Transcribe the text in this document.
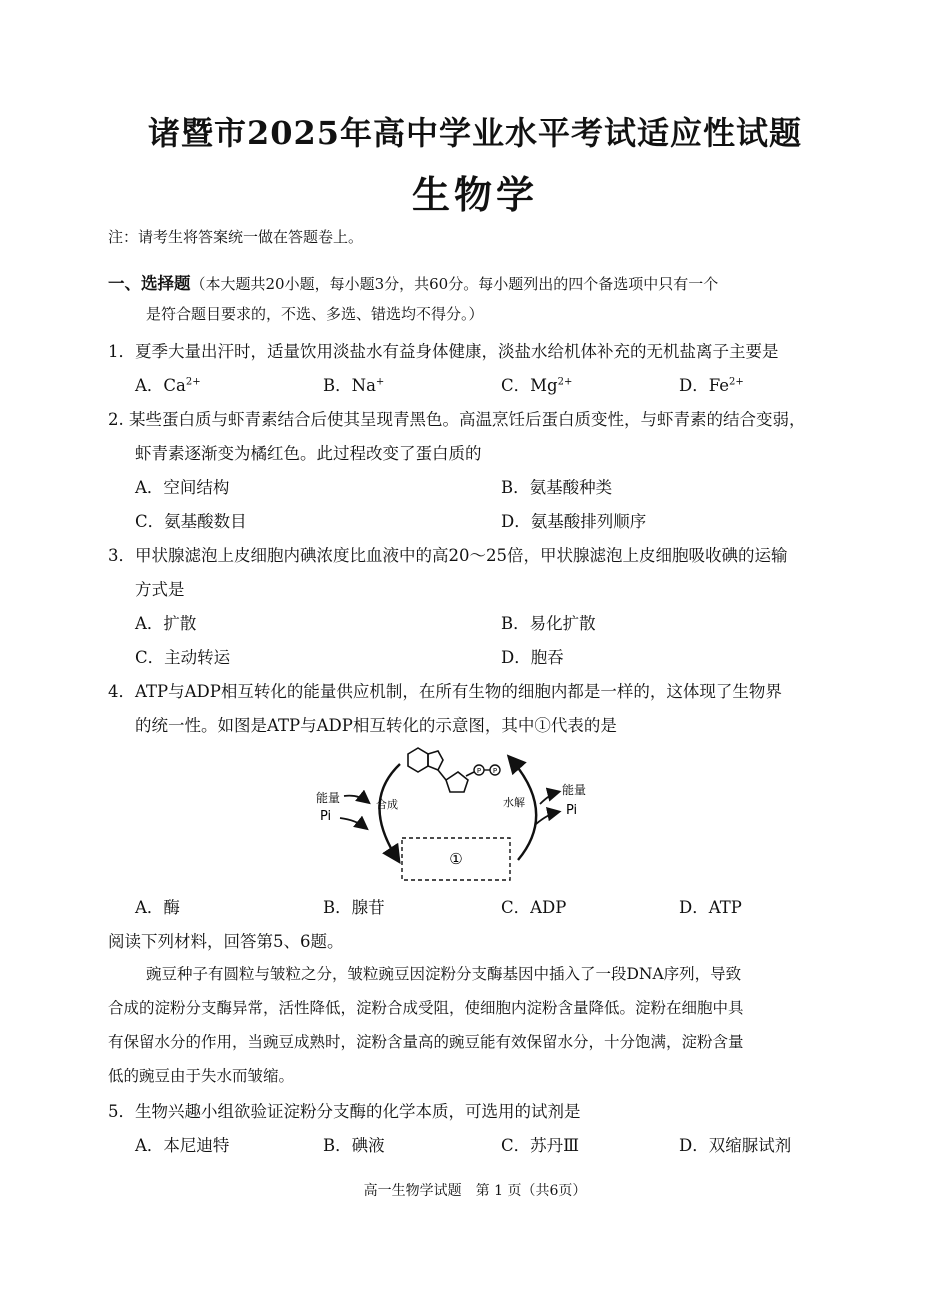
诸暨市2025年高中学业水平考试适应性试题
生物学
注：请考生将答案统一做在答题卷上。
一、选择题（本大题共20小题，每小题3分，共60分。每小题列出的四个备选项中只有一个
是符合题目要求的，不选、多选、错选均不得分。）
1．夏季大量出汗时，适量饮用淡盐水有益身体健康，淡盐水给机体补充的无机盐离子主要是
A．$Ca^{2+}$	B．Na+	C．$Mg^{2+}$	D．$Fe^{2+}$
2. 某些蛋白质与虾青素结合后使其呈现青黑色。高温烹饪后蛋白质变性，与虾青素的结合变弱，
虾青素逐渐变为橘红色。此过程改变了蛋白质的
A．空间结构	B．氨基酸种类
C．氨基酸数目	D．氨基酸排列顺序
3．甲状腺滤泡上皮细胞内碘浓度比血液中的高20～25倍，甲状腺滤泡上皮细胞吸收碘的运输
方式是
A．扩散	B．易化扩散
C．主动转运	D．胞吞
4．ATP与ADP相互转化的能量供应机制，在所有生物的细胞内都是一样的，这体现了生物界
的统一性。如图是ATP与ADP相互转化的示意图，其中①代表的是
P P
能量
Pi
合成	水解
能量
Pi
①
A．酶	B．腺苷	C．ADP	D．ATP
阅读下列材料，回答第5、6题。
豌豆种子有圆粒与皱粒之分，皱粒豌豆因淀粉分支酶基因中插入了一段DNA序列，导致
合成的淀粉分支酶异常，活性降低，淀粉合成受阻，使细胞内淀粉含量降低。淀粉在细胞中具
有保留水分的作用，当豌豆成熟时，淀粉含量高的豌豆能有效保留水分，十分饱满，淀粉含量
低的豌豆由于失水而皱缩。
5．生物兴趣小组欲验证淀粉分支酶的化学本质，可选用的试剂是
A．本尼迪特	B．碘液	C．苏丹Ⅲ	D．双缩脲试剂
高一生物学试题　第 1 页（共6页）
